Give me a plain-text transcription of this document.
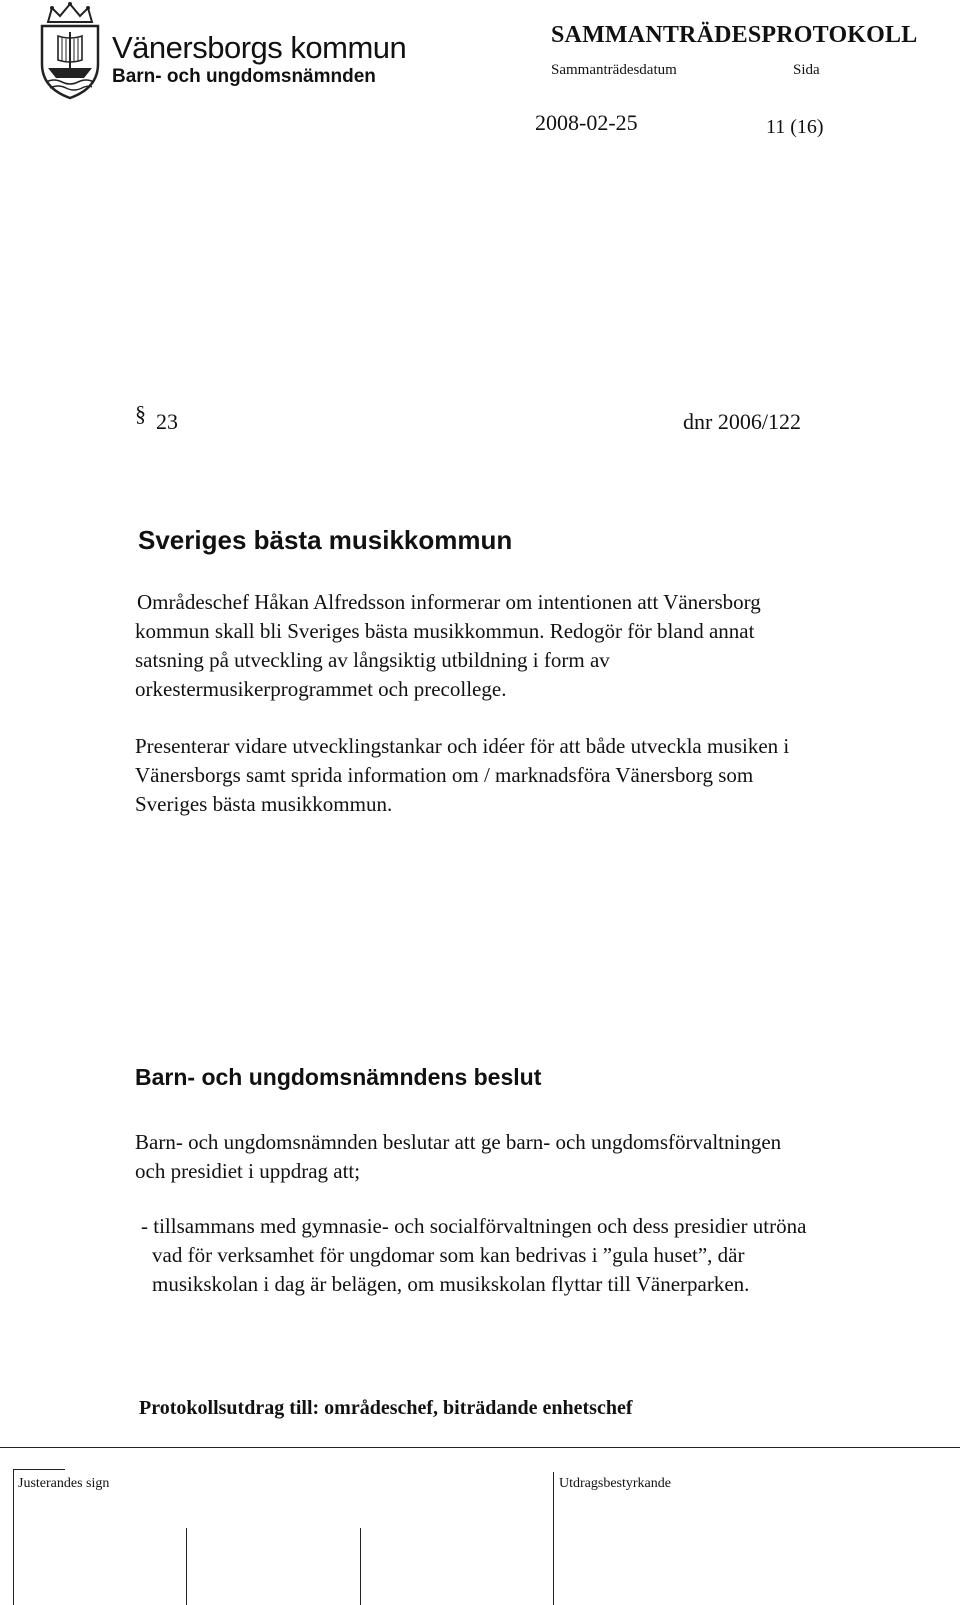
Vänersborgs kommun
Barn- och ungdomsnämnden
SAMMANTRÄDESPROTOKOLL
Sammanträdesdatum	Sida
2008-02-25	11 (16)
§ 23	dnr 2006/122
Sveriges bästa musikkommun
Områdeschef Håkan Alfredsson informerar om intentionen att Vänersborg
kommun skall bli Sveriges bästa musikkommun. Redogör för bland annat
satsning på utveckling av långsiktig utbildning i form av
orkestermusikerprogrammet och precollege.
Presenterar vidare utvecklingstankar och idéer för att både utveckla musiken i
Vänersborgs samt sprida information om / marknadsföra Vänersborg som
Sveriges bästa musikkommun.
Barn- och ungdomsnämndens beslut
Barn- och ungdomsnämnden beslutar att ge barn- och ungdomsförvaltningen
och presidiet i uppdrag att;
- tillsammans med gymnasie- och socialförvaltningen och dess presidier utröna
vad för verksamhet för ungdomar som kan bedrivas i ”gula huset”, där
musikskolan i dag är belägen, om musikskolan flyttar till Vänerparken.
Protokollsutdrag till: områdeschef, biträdande enhetschef
Justerandes sign	Utdragsbestyrkande
